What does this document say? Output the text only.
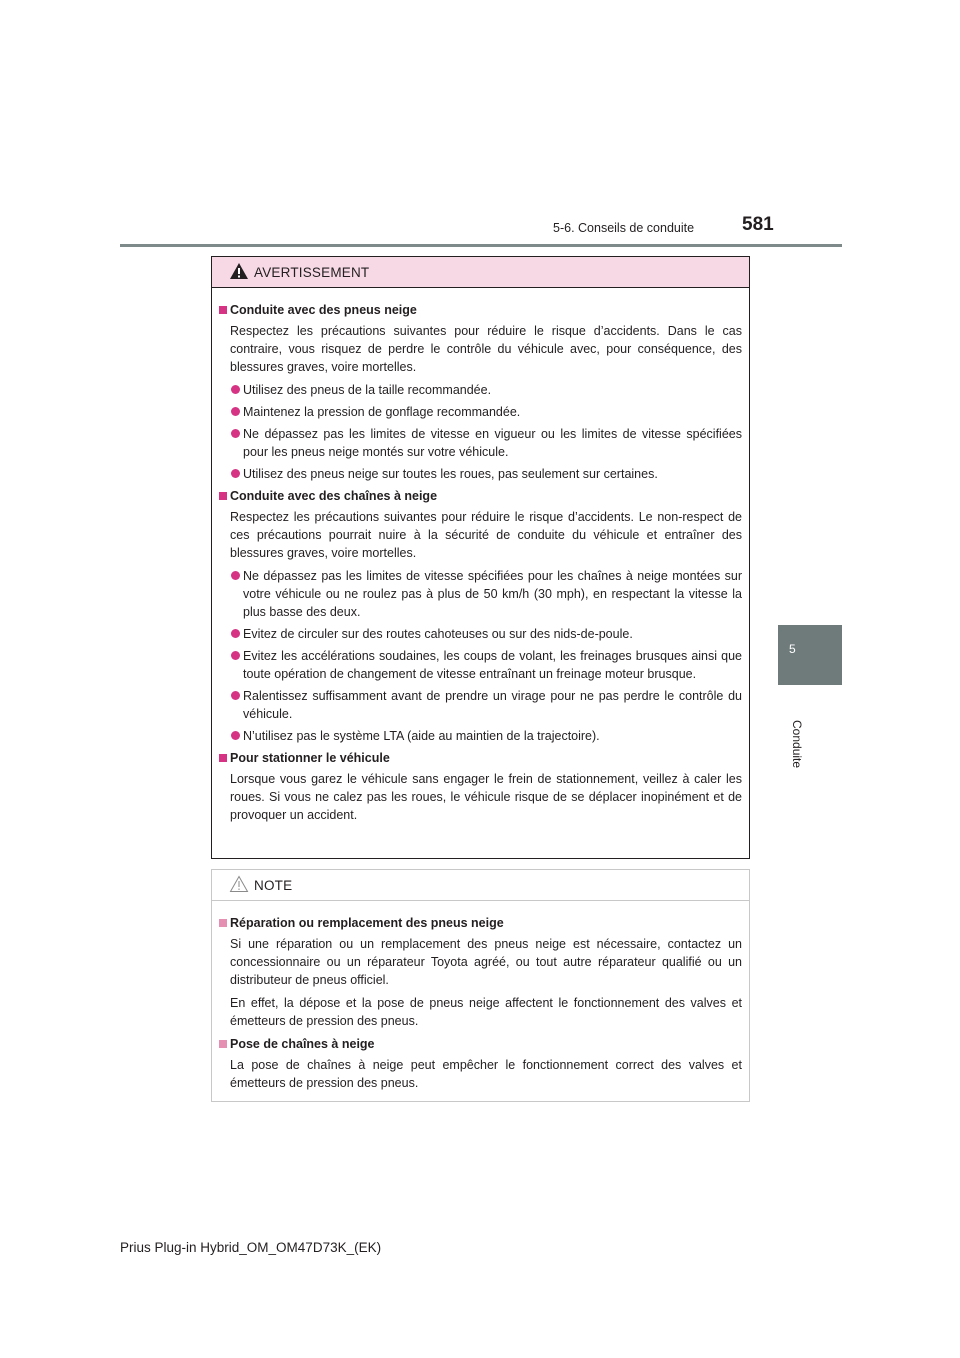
5-6. Conseils de conduite	581
5
Conduite
AVERTISSEMENT
Conduite avec des pneus neige
Respectez les précautions suivantes pour réduire le risque d’accidents. Dans le cas contraire, vous risquez de perdre le contrôle du véhicule avec, pour conséquence, des blessures graves, voire mortelles.
Utilisez des pneus de la taille recommandée.
Maintenez la pression de gonflage recommandée.
Ne dépassez pas les limites de vitesse en vigueur ou les limites de vitesse spécifiées pour les pneus neige montés sur votre véhicule.
Utilisez des pneus neige sur toutes les roues, pas seulement sur certaines.
Conduite avec des chaînes à neige
Respectez les précautions suivantes pour réduire le risque d’accidents. Le non-respect de ces précautions pourrait nuire à la sécurité de conduite du véhicule et entraîner des blessures graves, voire mortelles.
Ne dépassez pas les limites de vitesse spécifiées pour les chaînes à neige montées sur votre véhicule ou ne roulez pas à plus de 50 km/h (30 mph), en respectant la vitesse la plus basse des deux.
Evitez de circuler sur des routes cahoteuses ou sur des nids-de-poule.
Evitez les accélérations soudaines, les coups de volant, les freinages brusques ainsi que toute opération de changement de vitesse entraînant un freinage moteur brusque.
Ralentissez suffisamment avant de prendre un virage pour ne pas perdre le contrôle du véhicule.
N’utilisez pas le système LTA (aide au maintien de la trajectoire).
Pour stationner le véhicule
Lorsque vous garez le véhicule sans engager le frein de stationnement, veillez à caler les roues. Si vous ne calez pas les roues, le véhicule risque de se déplacer inopinément et de provoquer un accident.
NOTE
Réparation ou remplacement des pneus neige
Si une réparation ou un remplacement des pneus neige est nécessaire, contactez un concessionnaire ou un réparateur Toyota agréé, ou tout autre réparateur qualifié ou un distributeur de pneus officiel.
En effet, la dépose et la pose de pneus neige affectent le fonctionnement des valves et émetteurs de pression des pneus.
Pose de chaînes à neige
La pose de chaînes à neige peut empêcher le fonctionnement correct des valves et émetteurs de pression des pneus.
Prius Plug-in Hybrid_OM_OM47D73K_(EK)
